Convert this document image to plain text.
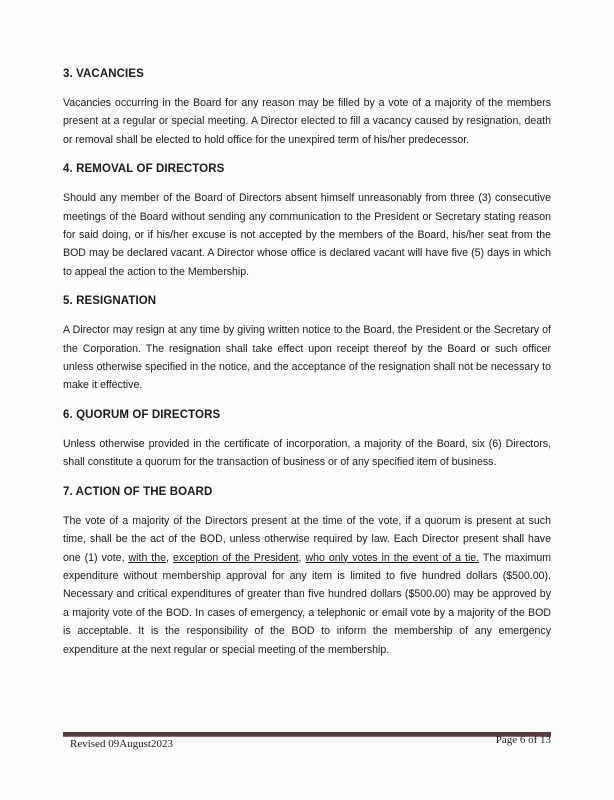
3. VACANCIES

Vacancies occurring in the Board for any reason may be filled by a vote of a majority of the members present at a regular or special meeting. A Director elected to fill a vacancy caused by resignation, death or removal shall be elected to hold office for the unexpired term of his/her predecessor.

4. REMOVAL OF DIRECTORS

Should any member of the Board of Directors absent himself unreasonably from three (3) consecutive meetings of the Board without sending any communication to the President or Secretary stating reason for said doing, or if his/her excuse is not accepted by the members of the Board, his/her seat from the BOD may be declared vacant. A Director whose office is declared vacant will have five (5) days in which to appeal the action to the Membership.

5. RESIGNATION

A Director may resign at any time by giving written notice to the Board, the President or the Secretary of the Corporation. The resignation shall take effect upon receipt thereof by the Board or such officer unless otherwise specified in the notice, and the acceptance of the resignation shall not be necessary to make it effective.

6. QUORUM OF DIRECTORS

Unless otherwise provided in the certificate of incorporation, a majority of the Board, six (6) Directors, shall constitute a quorum for the transaction of business or of any specified item of business.

7. ACTION OF THE BOARD

The vote of a majority of the Directors present at the time of the vote, if a quorum is present at such time, shall be the act of the BOD, unless otherwise required by law. Each Director present shall have one (1) vote, with the, exception of the President, who only votes in the event of a tie. The maximum expenditure without membership approval for any item is limited to five hundred dollars ($500.00). Necessary and critical expenditures of greater than five hundred dollars ($500.00) may be approved by a majority vote of the BOD. In cases of emergency, a telephonic or email vote by a majority of the BOD is acceptable. It is the responsibility of the BOD to inform the membership of any emergency expenditure at the next regular or special meeting of the membership.

Revised 09August2023	Page 6 of 13
